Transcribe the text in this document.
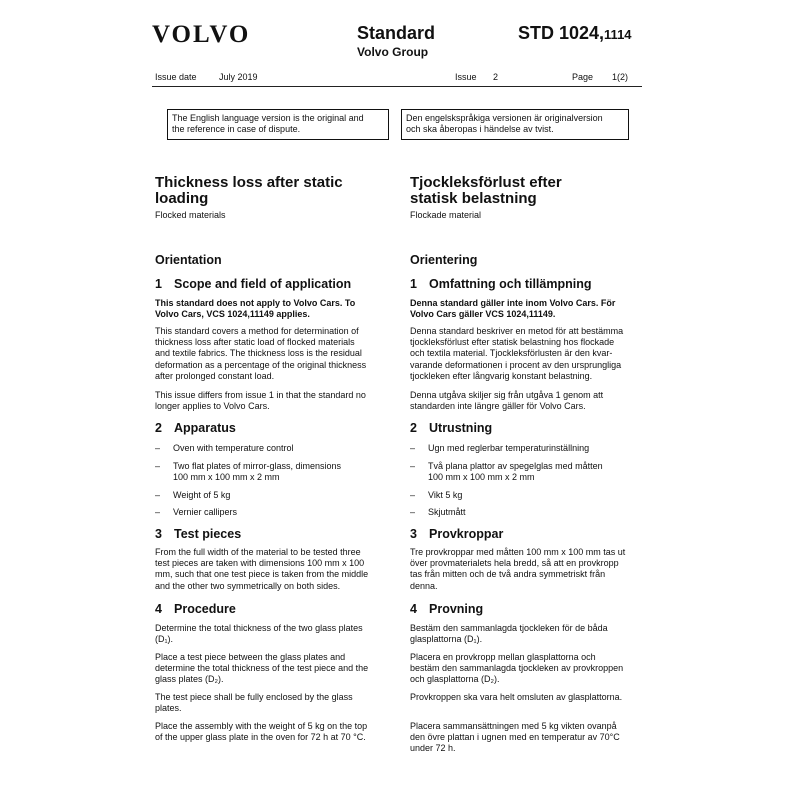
VOLVO	Standard
Volvo Group
STD 1024,1114
Issue date July 2019	Issue 2	Page 1(2)
The English language version is the original and
the reference in case of dispute.
Den engelskspråkiga versionen är originalversion
och ska åberopas i händelse av tvist.
Thickness loss after static
loading
Flocked materials
Orientation
1 Scope and field of application
This standard does not apply to Volvo Cars. To
Volvo Cars, VCS 1024,11149 applies.
This standard covers a method for determination of
thickness loss after static load of flocked materials
and textile fabrics. The thickness loss is the residual
deformation as a percentage of the original thickness
after prolonged constant load.
This issue differs from issue 1 in that the standard no
longer applies to Volvo Cars.
2 Apparatus
– Oven with temperature control
– Two flat plates of mirror-glass, dimensions
100 mm x 100 mm x 2 mm
– Weight of 5 kg
– Vernier callipers
3 Test pieces
From the full width of the material to be tested three
test pieces are taken with dimensions 100 mm x 100
mm, such that one test piece is taken from the middle
and the other two symmetrically on both sides.
4 Procedure
Determine the total thickness of the two glass plates
(D₁).
Place a test piece between the glass plates and
determine the total thickness of the test piece and the
glass plates (D₂).
The test piece shall be fully enclosed by the glass
plates.
Place the assembly with the weight of 5 kg on the top
of the upper glass plate in the oven for 72 h at 70 °C.
Tjockleksförlust efter
statisk belastning
Flockade material
Orientering
1 Omfattning och tillämpning
Denna standard gäller inte inom Volvo Cars. För
Volvo Cars gäller VCS 1024,11149.
Denna standard beskriver en metod för att bestämma
tjockleksförlust efter statisk belastning hos flockade
och textila material. Tjockleksförlusten är den kvar-
varande deformationen i procent av den ursprungliga
tjockleken efter långvarig konstant belastning.
Denna utgåva skiljer sig från utgåva 1 genom att
standarden inte längre gäller för Volvo Cars.
2 Utrustning
– Ugn med reglerbar temperaturinställning
– Två plana plattor av spegelglas med måtten
100 mm x 100 mm x 2 mm
– Vikt 5 kg
– Skjutmått
3 Provkroppar
Tre provkroppar med måtten 100 mm x 100 mm tas ut
över provmaterialets hela bredd, så att en provkropp
tas från mitten och de två andra symmetriskt från
denna.
4 Provning
Bestäm den sammanlagda tjockleken för de båda
glasplattorna (D₁).
Placera en provkropp mellan glasplattorna och
bestäm den sammanlagda tjockleken av provkroppen
och glasplattorna (D₂).
Provkroppen ska vara helt omsluten av glasplattorna.
Placera sammansättningen med 5 kg vikten ovanpå
den övre plattan i ugnen med en temperatur av 70°C
under 72 h.
